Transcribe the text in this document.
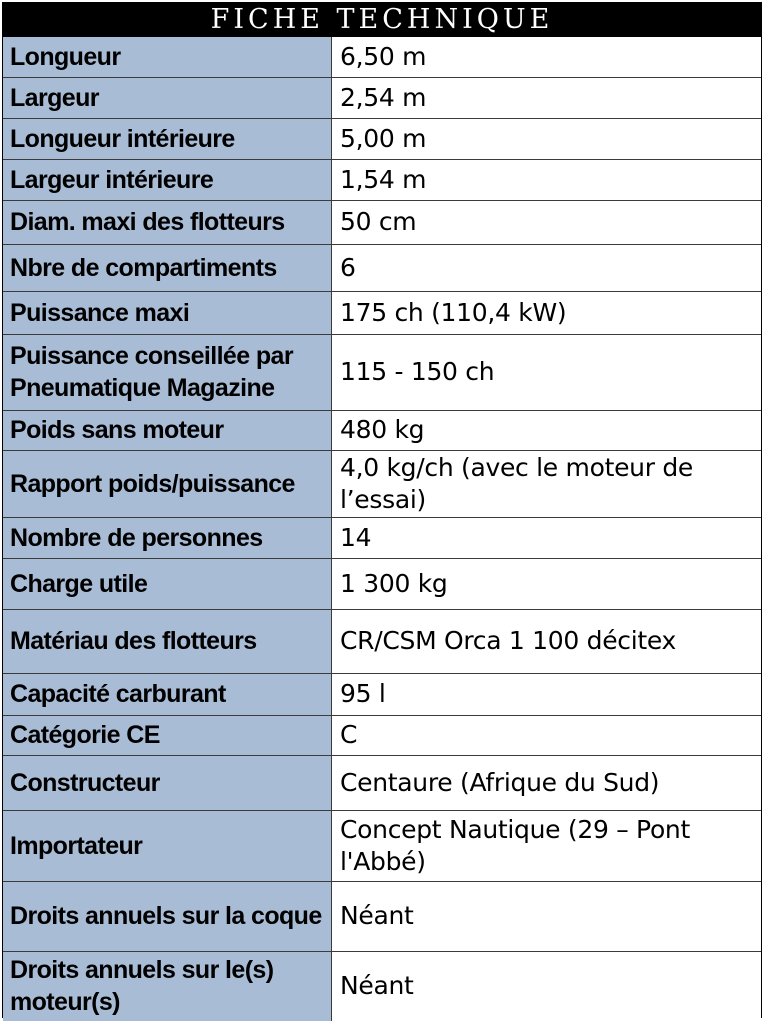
FICHE TECHNIQUE
Longueur	6,50 m
Largeur	2,54 m
Longueur intérieure	5,00 m
Largeur intérieure	1,54 m
Diam. maxi des flotteurs	50 cm
Nbre de compartiments	6
Puissance maxi	175 ch (110,4 kW)
Puissance conseillée par Pneumatique Magazine	115 - 150 ch
Poids sans moteur	480 kg
Rapport poids/puissance	4,0 kg/ch (avec le moteur de l’essai)
Nombre de personnes	14
Charge utile	1 300 kg
Matériau des flotteurs	CR/CSM Orca 1 100 décitex
Capacité carburant	95 l
Catégorie CE	C
Constructeur	Centaure (Afrique du Sud)
Importateur	Concept Nautique (29 – Pont l'Abbé)
Droits annuels sur la coque	Néant
Droits annuels sur le(s) moteur(s)	Néant
